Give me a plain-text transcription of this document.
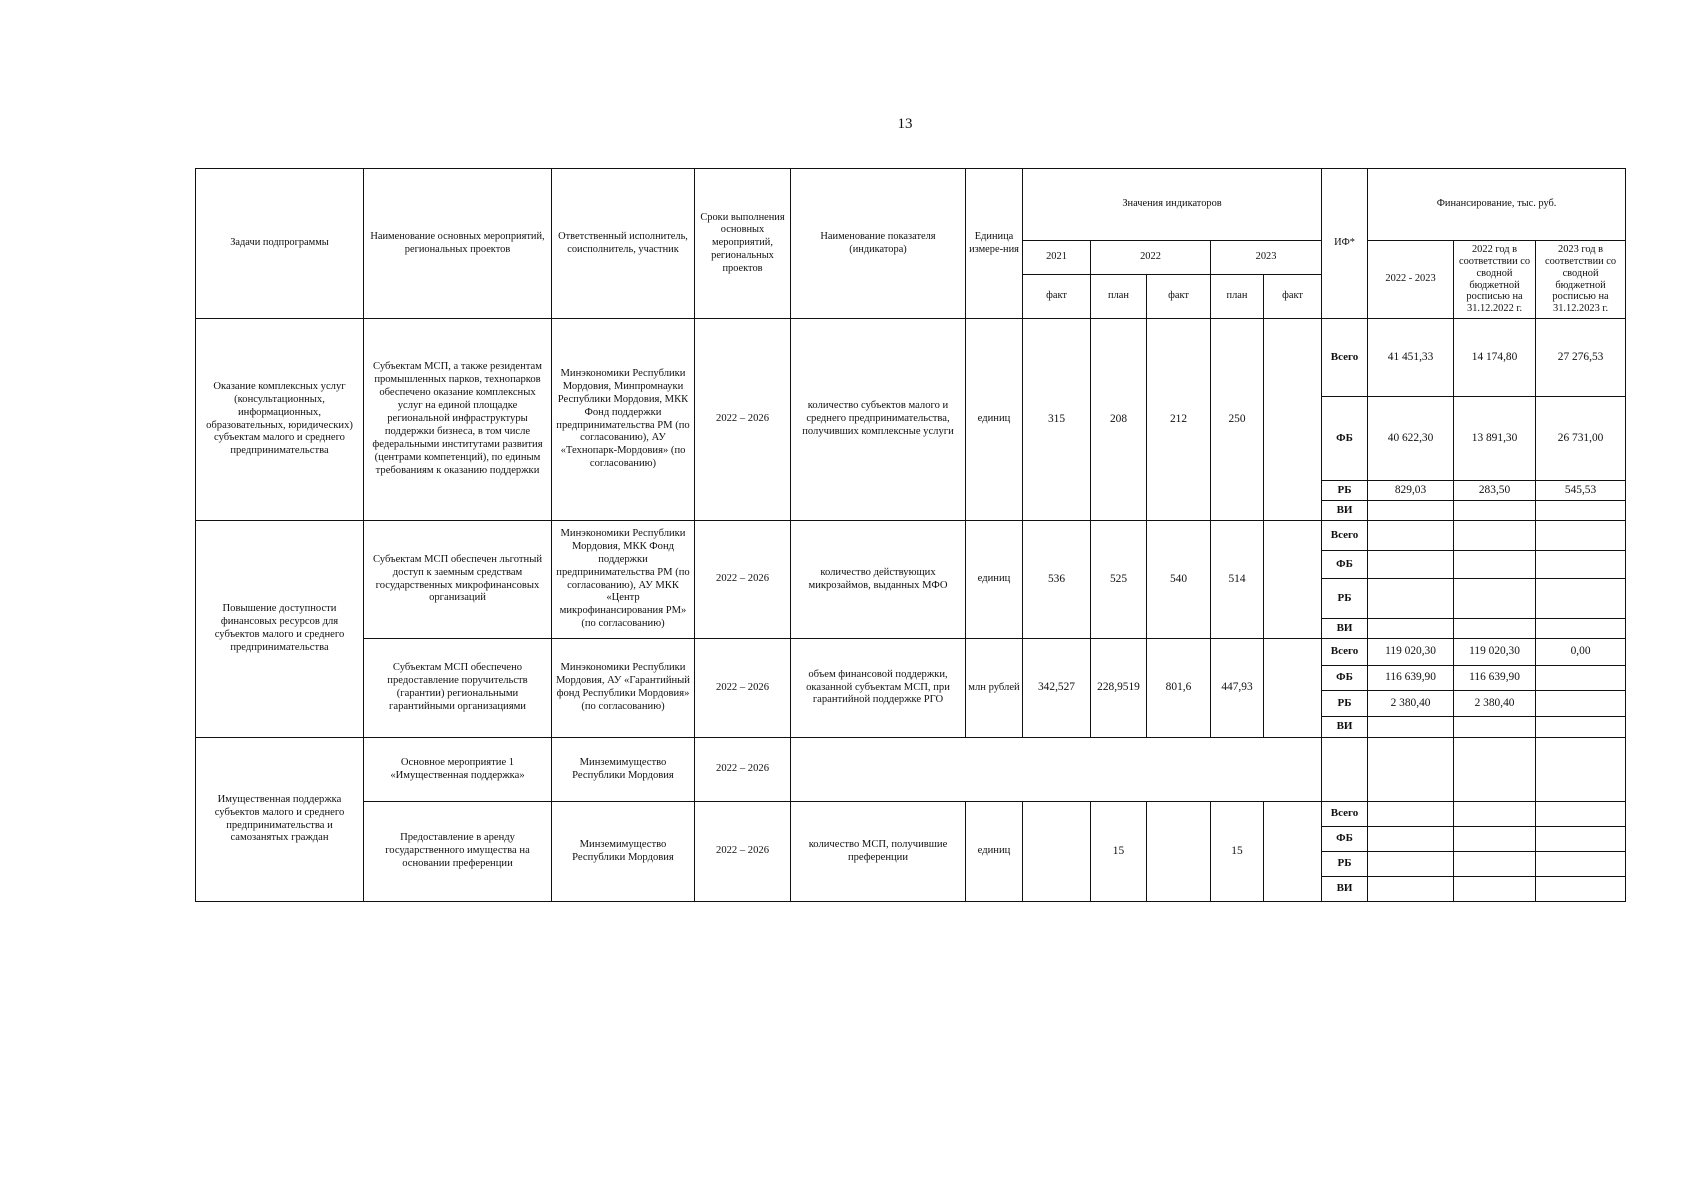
13
Задачи подпрограммы	Наименование основных мероприятий, региональных проектов	Ответственный исполнитель, соисполнитель, участник	Сроки выполнения основных мероприятий, региональных проектов	Наименование показателя (индикатора)	Единица измере-ния	Значения индикаторов					ИФ*	Финансирование, тыс. руб.		
						2021	2022		2023			2022 - 2023	2022 год в соответствии со сводной бюджетной росписью на 31.12.2022 г.	2023 год в соответствии со сводной бюджетной росписью на 31.12.2023 г.
						факт	план	факт	план	факт				
Оказание комплексных услуг (консультационных, информационных, образовательных, юридических) субъектам малого и среднего предпринимательства	Субъектам МСП, а также резидентам промышленных парков, технопарков обеспечено оказание комплексных услуг на единой площадке региональной инфраструктуры поддержки бизнеса, в том числе федеральными институтами развития (центрами компетенций), по единым требованиям к оказанию поддержки	Минэкономики Республики Мордовия, Минпромнауки Республики Мордовия, МКК Фонд поддержки предпринимательства РМ (по согласованию), АУ «Технопарк-Мордовия» (по согласованию)	2022 – 2026	количество субъектов малого и среднего предпринимательства, получивших комплексные услуги	единиц	315	208	212	250		Всего	41 451,33	14 174,80	27 276,53
											ФБ	40 622,30	13 891,30	26 731,00
											РБ	829,03	283,50	545,53
											ВИ			
Повышение доступности финансовых ресурсов для субъектов малого и среднего предпринимательства	Субъектам МСП обеспечен льготный доступ к заемным средствам государственных микрофинансовых организаций	Минэкономики Республики Мордовия, МКК Фонд поддержки предпринимательства РМ (по согласованию), АУ МКК «Центр микрофинансирования РМ» (по согласованию)	2022 – 2026	количество действующих микрозаймов, выданных МФО	единиц	536	525	540	514		Всего			
											ФБ			
											РБ			
											ВИ			
	Субъектам МСП обеспечено предоставление поручительств (гарантии) региональными гарантийными организациями	Минэкономики Республики Мордовия, АУ «Гарантийный фонд Республики Мордовия» (по согласованию)	2022 – 2026	объем финансовой поддержки, оказанной субъектам МСП, при гарантийной поддержке РГО	млн рублей	342,527	228,9519	801,6	447,93		Всего	119 020,30	119 020,30	0,00
											ФБ	116 639,90	116 639,90	
											РБ	2 380,40	2 380,40	
											ВИ			
Имущественная поддержка субъектов малого и среднего предпринимательства и самозанятых граждан	Основное мероприятие 1 «Имущественная поддержка»	Минземимущество Республики Мордовия	2022 – 2026											
	Предоставление в аренду государственного имущества на основании преференции	Минземимущество Республики Мордовия	2022 – 2026	количество МСП, получившие преференции	единиц		15		15		Всего			
											ФБ			
											РБ			
											ВИ			
